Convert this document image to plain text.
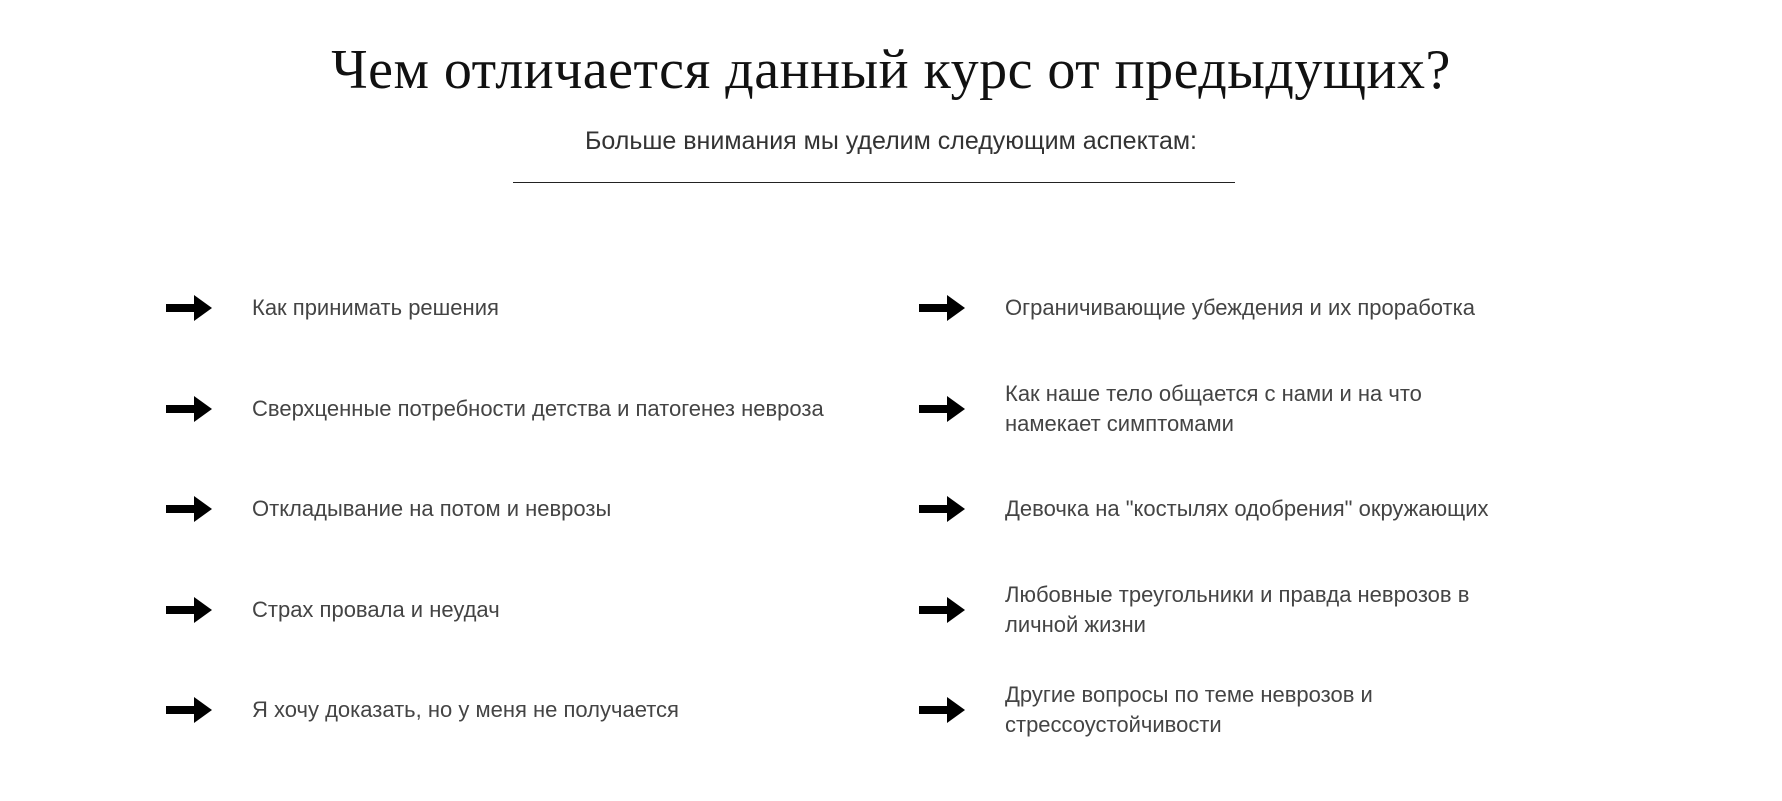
Чем отличается данный курс от предыдущих?
Больше внимания мы уделим следующим аспектам:
Как принимать решения
Сверхценные потребности детства и патогенез невроза
Откладывание на потом и неврозы
Страх провала и неудач
Я хочу доказать, но у меня не получается
Ограничивающие убеждения и их проработка
Как наше тело общается с нами и на что намекает симптомами
Девочка на "костылях одобрения" окружающих
Любовные треугольники и правда неврозов в личной жизни
Другие вопросы по теме неврозов и стрессоустойчивости
